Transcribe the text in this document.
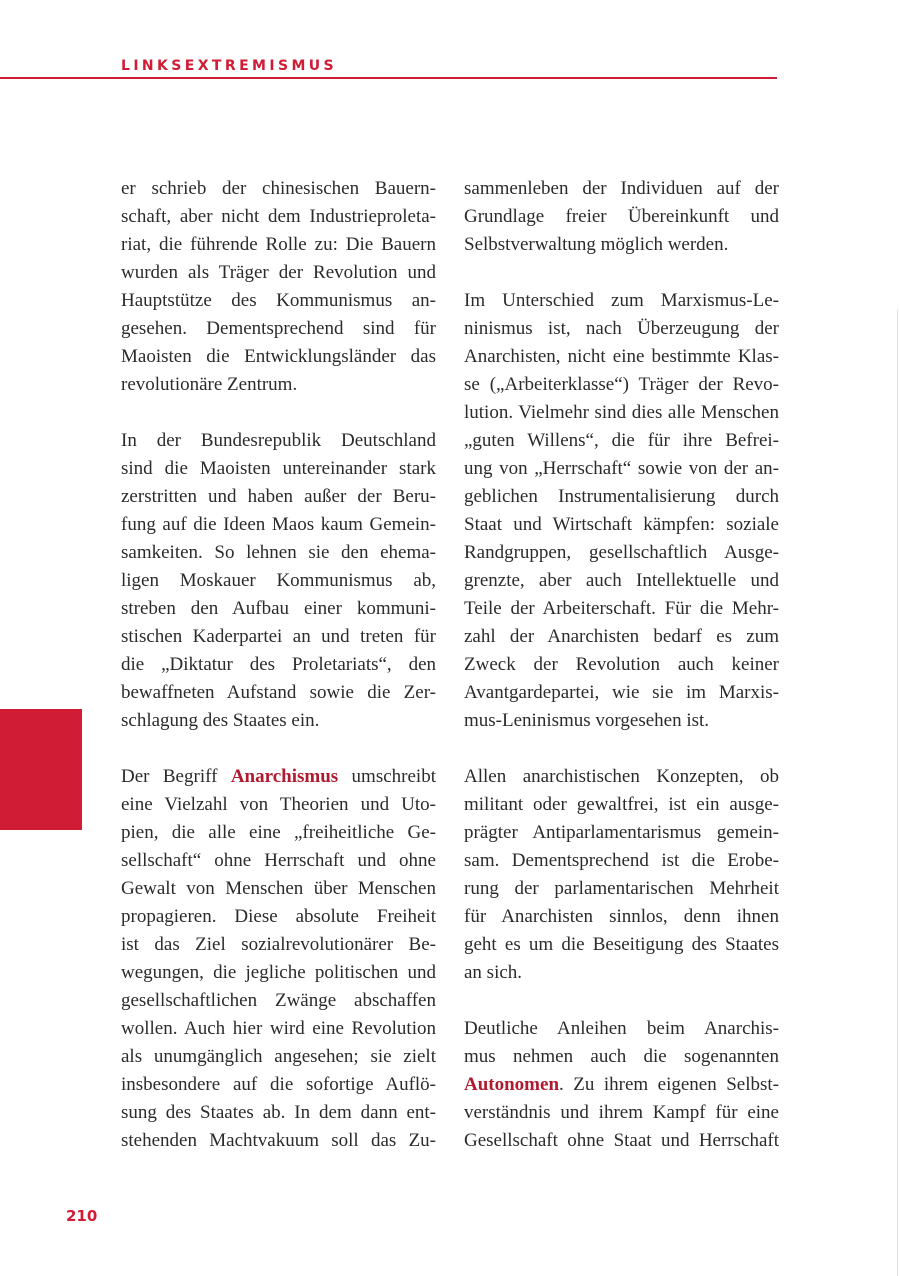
LINKSEXTREMISMUS

er schrieb der chinesischen Bauern-
schaft, aber nicht dem Industrieproleta-
riat, die führende Rolle zu: Die Bauern
wurden als Träger der Revolution und
Hauptstütze des Kommunismus an-
gesehen. Dementsprechend sind für
Maoisten die Entwicklungsländer das
revolutionäre Zentrum.

In der Bundesrepublik Deutschland
sind die Maoisten untereinander stark
zerstritten und haben außer der Beru-
fung auf die Ideen Maos kaum Gemein-
samkeiten. So lehnen sie den ehema-
ligen Moskauer Kommunismus ab,
streben den Aufbau einer kommuni-
stischen Kaderpartei an und treten für
die „Diktatur des Proletariats“, den
bewaffneten Aufstand sowie die Zer-
schlagung des Staates ein.

Der Begriff Anarchismus umschreibt
eine Vielzahl von Theorien und Uto-
pien, die alle eine „freiheitliche Ge-
sellschaft“ ohne Herrschaft und ohne
Gewalt von Menschen über Menschen
propagieren. Diese absolute Freiheit
ist das Ziel sozialrevolutionärer Be-
wegungen, die jegliche politischen und
gesellschaftlichen Zwänge abschaffen
wollen. Auch hier wird eine Revolution
als unumgänglich angesehen; sie zielt
insbesondere auf die sofortige Auflö-
sung des Staates ab. In dem dann ent-
stehenden Machtvakuum soll das Zu-

sammenleben der Individuen auf der
Grundlage freier Übereinkunft und
Selbstverwaltung möglich werden.

Im Unterschied zum Marxismus-Le-
ninismus ist, nach Überzeugung der
Anarchisten, nicht eine bestimmte Klas-
se („Arbeiterklasse“) Träger der Revo-
lution. Vielmehr sind dies alle Menschen
„guten Willens“, die für ihre Befrei-
ung von „Herrschaft“ sowie von der an-
geblichen Instrumentalisierung durch
Staat und Wirtschaft kämpfen: soziale
Randgruppen, gesellschaftlich Ausge-
grenzte, aber auch Intellektuelle und
Teile der Arbeiterschaft. Für die Mehr-
zahl der Anarchisten bedarf es zum
Zweck der Revolution auch keiner
Avantgardepartei, wie sie im Marxis-
mus-Leninismus vorgesehen ist.

Allen anarchistischen Konzepten, ob
militant oder gewaltfrei, ist ein ausge-
prägter Antiparlamentarismus gemein-
sam. Dementsprechend ist die Erobe-
rung der parlamentarischen Mehrheit
für Anarchisten sinnlos, denn ihnen
geht es um die Beseitigung des Staates
an sich.

Deutliche Anleihen beim Anarchis-
mus nehmen auch die sogenannten
Autonomen. Zu ihrem eigenen Selbst-
verständnis und ihrem Kampf für eine
Gesellschaft ohne Staat und Herrschaft

210
